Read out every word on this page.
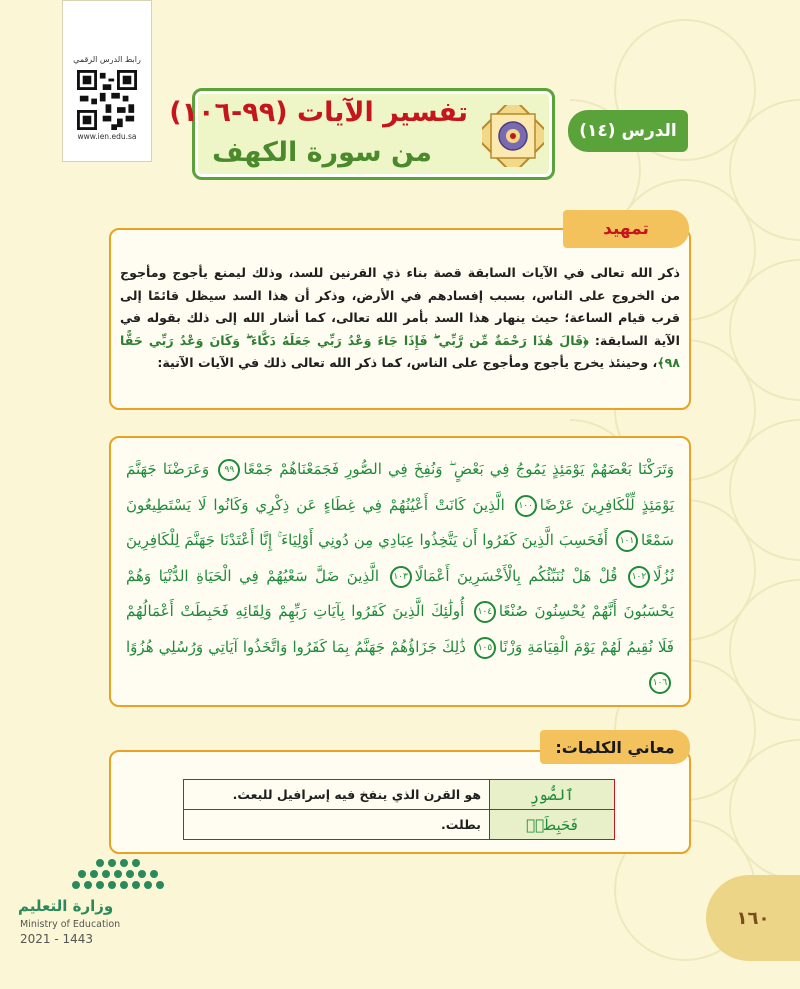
رابط الدرس الرقمي
www.ien.edu.sa	الدرس (١٤)
تفسير الآيات (٩٩-١٠٦)
من سورة الكهف
تمهيد
ذكر الله تعالى في الآيات السابقة قصة بناء ذي القرنين للسد، وذلك ليمنع يأجوج ومأجوج من الخروج على الناس، بسبب إفسادهم في الأرض، وذكر أن هذا السد سيظل قائمًا إلى قرب قيام الساعة؛ حيث ينهار هذا السد بأمر الله تعالى، كما أشار الله إلى ذلك بقوله في الآية السابقة: ﴿قَالَ هَٰذَا رَحْمَةٌ مِّن رَّبِّي ۖ فَإِذَا جَاءَ وَعْدُ رَبِّي جَعَلَهُ دَكَّاءَ ۖ وَكَانَ وَعْدُ رَبِّي حَقًّا ٩٨﴾، وحينئذ يخرج يأجوج ومأجوج على الناس، كما ذكر الله تعالى ذلك في الآيات الآتية:
وَتَرَكْنَا بَعْضَهُمْ يَوْمَئِذٍ يَمُوجُ فِي بَعْضٍ ۖ وَنُفِخَ فِي الصُّورِ فَجَمَعْنَاهُمْ جَمْعًا٩٩ وَعَرَضْنَا جَهَنَّمَ يَوْمَئِذٍ لِّلْكَافِرِينَ عَرْضًا١٠٠ الَّذِينَ كَانَتْ أَعْيُنُهُمْ فِي غِطَاءٍ عَن ذِكْرِي وَكَانُوا لَا يَسْتَطِيعُونَ سَمْعًا١٠١ أَفَحَسِبَ الَّذِينَ كَفَرُوا أَن يَتَّخِذُوا عِبَادِي مِن دُونِي أَوْلِيَاءَ ۚ إِنَّا أَعْتَدْنَا جَهَنَّمَ لِلْكَافِرِينَ نُزُلًا١٠٢ قُلْ هَلْ نُنَبِّئُكُم بِالْأَخْسَرِينَ أَعْمَالًا١٠٣ الَّذِينَ ضَلَّ سَعْيُهُمْ فِي الْحَيَاةِ الدُّنْيَا وَهُمْ يَحْسَبُونَ أَنَّهُمْ يُحْسِنُونَ صُنْعًا١٠٤ أُولَٰئِكَ الَّذِينَ كَفَرُوا بِآيَاتِ رَبِّهِمْ وَلِقَائِهِ فَحَبِطَتْ أَعْمَالُهُمْ فَلَا نُقِيمُ لَهُمْ يَوْمَ الْقِيَامَةِ وَزْنًا١٠٥ ذَٰلِكَ جَزَاؤُهُمْ جَهَنَّمُ بِمَا كَفَرُوا وَاتَّخَذُوا آيَاتِي وَرُسُلِي هُزُوًا١٠٦
معاني الكلمات:
ٱلصُّورِ	هو القرن الذي ينفخ فيه إسرافيل للبعث.
فَحَبِطَتۡ	بطلت.
وزارة التعليم
Ministry of Education
2021 - 1443
١٦٠
